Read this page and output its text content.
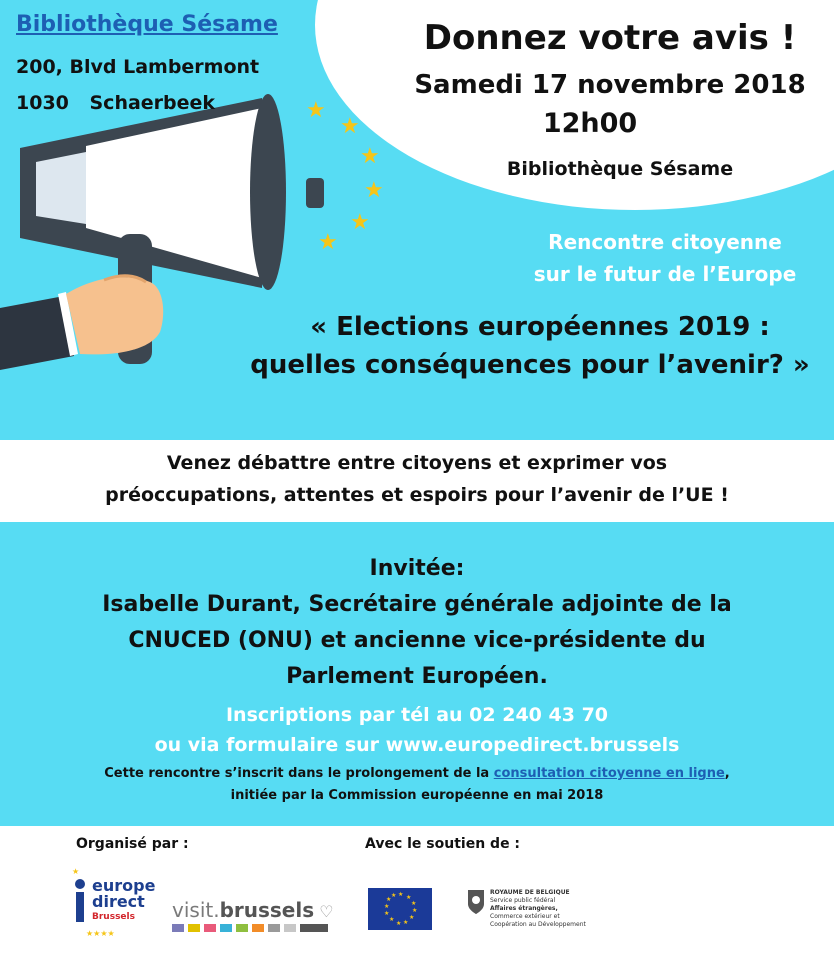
★
★
★
★
★
★
Bibliothèque Sésame
200, Blvd Lambermont
1030 Schaerbeek
Donnez votre avis !
Samedi 17 novembre 2018
12h00
Bibliothèque Sésame
Rencontre citoyenne
sur le futur de l’Europe
« Elections européennes 2019 :
quelles conséquences pour l’avenir? »
Venez débattre entre citoyens et exprimer vos
préoccupations, attentes et espoirs pour l’avenir de l’UE !
Invitée:
Isabelle Durant, Secrétaire générale adjointe de la
CNUCED (ONU) et ancienne vice-présidente du
Parlement Européen.
Inscriptions par tél au 02 240 43 70
ou via formulaire sur www.europedirect.brussels
Cette rencontre s’inscrit dans le prolongement de la consultation citoyenne en ligne,
initiée par la Commission européenne en mai 2018
Organisé par :	Avec le soutien de :
★
★★★★
europe
direct
Brussels visit.brussels ♡
★ ★
★
★
★
★
★
★
★
★
★
★	ROYAUME DE BELGIQUE
Service public fédéral
Affaires étrangères,
Commerce extérieur et
Coopération au Développement
